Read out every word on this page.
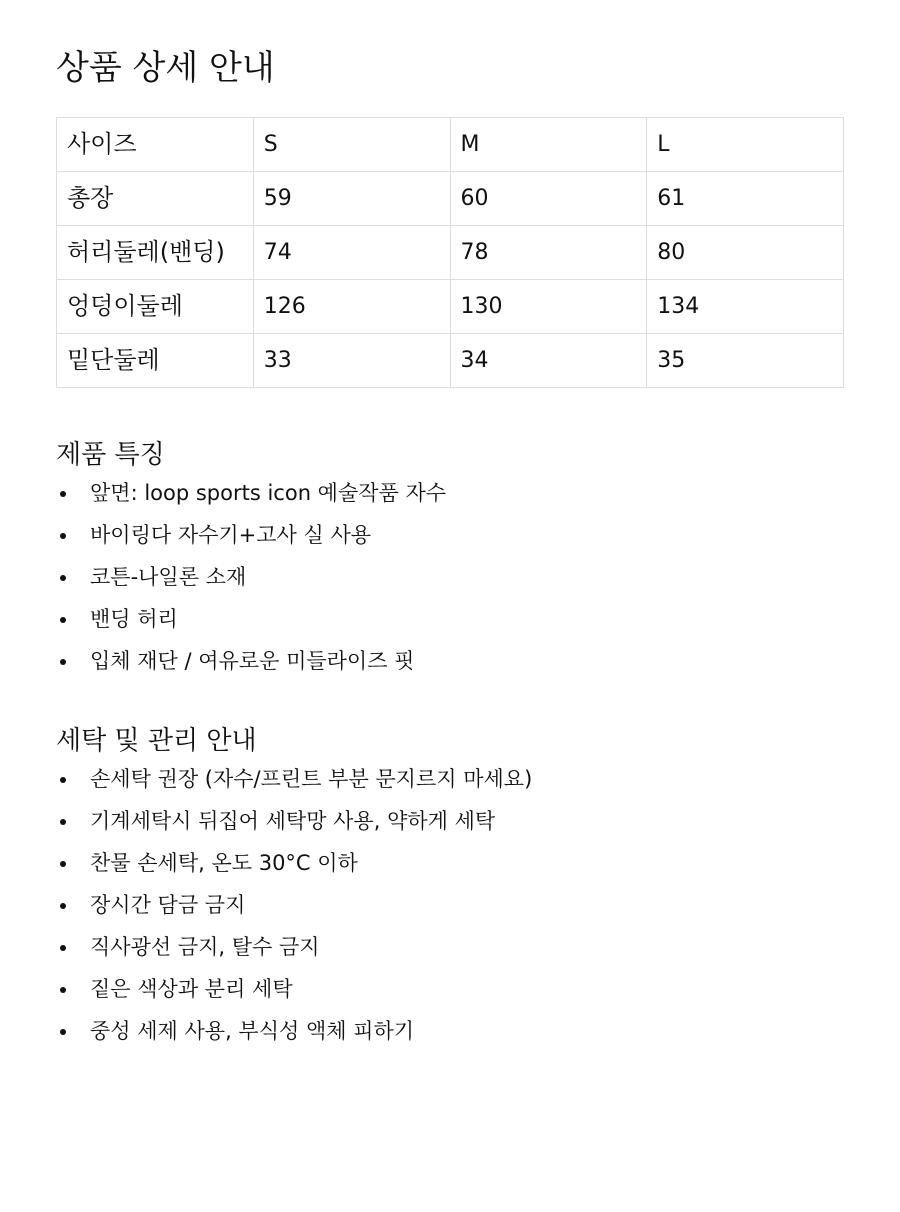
상품 상세 안내
사이즈	S	M	L
총장	59	60	61
허리둘레(밴딩)	74	78	80
엉덩이둘레	126	130	134
밑단둘레	33	34	35
제품 특징
앞면: loop sports icon 예술작품 자수
바이링다 자수기+고사 실 사용
코튼-나일론 소재
밴딩 허리
입체 재단 / 여유로운 미들라이즈 핏
세탁 및 관리 안내
손세탁 권장 (자수/프린트 부분 문지르지 마세요)
기계세탁시 뒤집어 세탁망 사용, 약하게 세탁
찬물 손세탁, 온도 30°C 이하
장시간 담금 금지
직사광선 금지, 탈수 금지
짙은 색상과 분리 세탁
중성 세제 사용, 부식성 액체 피하기
